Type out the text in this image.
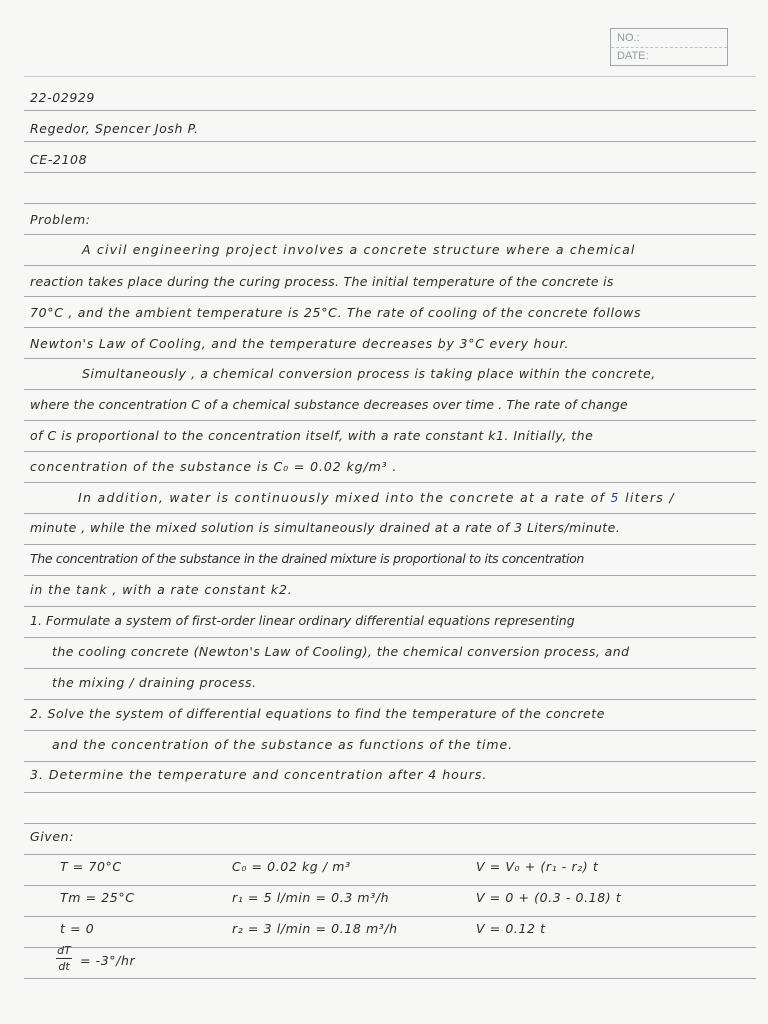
NO.:
DATE:
22-02929
Regedor, Spencer Josh P.
CE-2108
Problem:
A civil engineering project involves a concrete structure where a chemical
reaction takes place during the curing process. The initial temperature of the concrete is
70°C , and the ambient temperature is 25°C. The rate of cooling of the concrete follows
Newton's Law of Cooling, and the temperature decreases by 3°C every hour.
Simultaneously , a chemical conversion process is taking place within the concrete,
where the concentration C of a chemical substance decreases over time . The rate of change
of C is proportional to the concentration itself, with a rate constant k1. Initially, the
concentration of the substance is C₀ = 0.02 kg/m³ .
In addition, water is continuously mixed into the concrete at a rate of 5 liters /
minute , while the mixed solution is simultaneously drained at a rate of 3 Liters/minute.
The concentration of the substance in the drained mixture is proportional to its concentration
in the tank , with a rate constant k2.
1. Formulate a system of first-order linear ordinary differential equations representing
the cooling concrete (Newton's Law of Cooling), the chemical conversion process, and
the mixing / draining process.
2. Solve the system of differential equations to find the temperature of the concrete
and the concentration of the substance as functions of the time.
3. Determine the temperature and concentration after 4 hours.
Given:
T = 70°C
Tm = 25°C
t = 0
dT
dt = -3°/hr
C₀ = 0.02 kg / m³
r₁ = 5 l/min = 0.3 m³/h
r₂ = 3 l/min = 0.18 m³/h
V = V₀ + (r₁ - r₂) t
V = 0 + (0.3 - 0.18) t
V = 0.12 t
